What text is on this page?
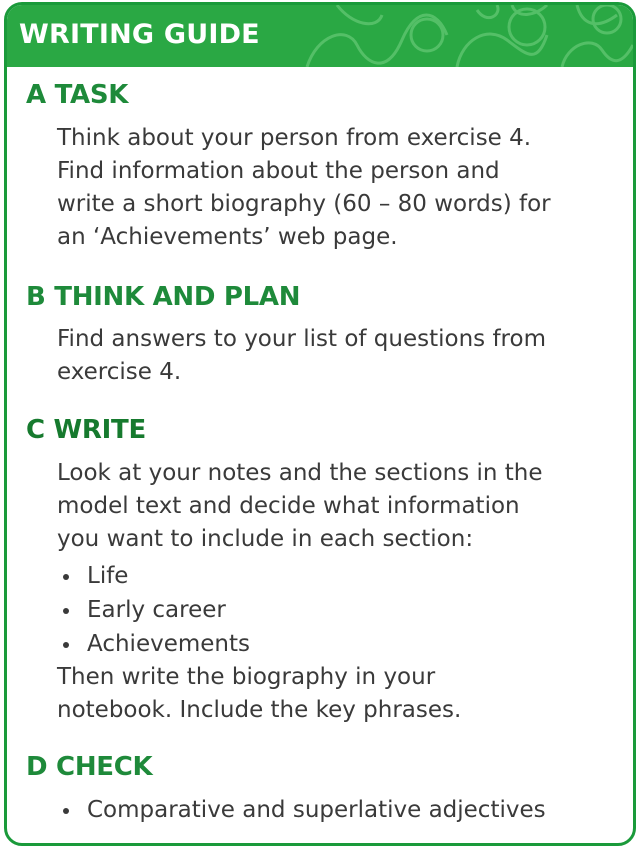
WRITING GUIDE
A TASK

Think about your person from exercise 4.
Find information about the person and
write a short biography (60 – 80 words) for
an ‘Achievements’ web page.

B THINK AND PLAN

Find answers to your list of questions from
exercise 4.

C WRITE

Look at your notes and the sections in the
model text and decide what information
you want to include in each section:

Life
Early career
Achievements

Then write the biography in your
notebook. Include the key phrases.

D CHECK
Comparative and superlative adjectives
